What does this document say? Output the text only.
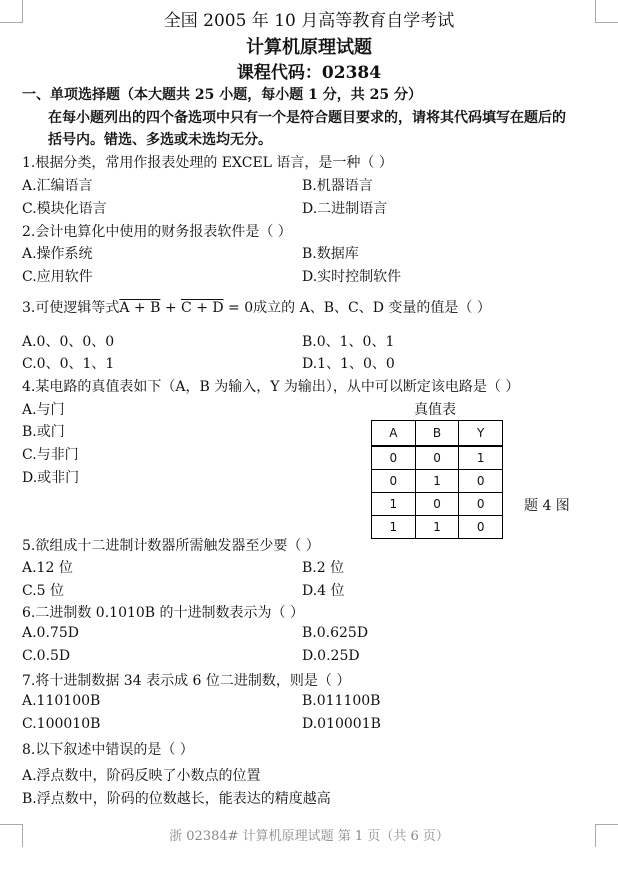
全国 2005 年 10 月高等教育自学考试
计算机原理试题
课程代码：02384
一、单项选择题（本大题共 25 小题，每小题 1 分，共 25 分）
在每小题列出的四个备选项中只有一个是符合题目要求的，请将其代码填写在题后的
括号内。错选、多选或未选均无分。
1.根据分类，常用作报表处理的 EXCEL 语言，是一种（ ）
A.汇编语言	B.机器语言
C.模块化语言	D.二进制语言
2.会计电算化中使用的财务报表软件是（ ）
A.操作系统	B.数据库
C.应用软件	D.实时控制软件
3.可使逻辑等式A + B + C + D = 0成立的 A、B、C、D 变量的值是（ ）
A.0、0、0、0	B.0、1、0、1
C.0、0、1、1	D.1、1、0、0
4.某电路的真值表如下（A，B 为输入，Y 为输出），从中可以断定该电路是（ ）
A.与门
B.或门
C.与非门
D.或非门
真值表
A	B	Y
0	0	1
0	1	0
1	0	0
1	1	0
题 4 图
5.欲组成十二进制计数器所需触发器至少要（ ）
A.12 位	B.2 位
C.5 位	D.4 位
6.二进制数 0.1010B 的十进制数表示为（ ）
A.0.75D	B.0.625D
C.0.5D	D.0.25D
7.将十进制数据 34 表示成 6 位二进制数，则是（ ）
A.110100B	B.011100B
C.100010B	D.010001B
8.以下叙述中错误的是（ ）
A.浮点数中，阶码反映了小数点的位置
B.浮点数中，阶码的位数越长，能表达的精度越高
浙 02384# 计算机原理试题 第 1 页（共 6 页）
